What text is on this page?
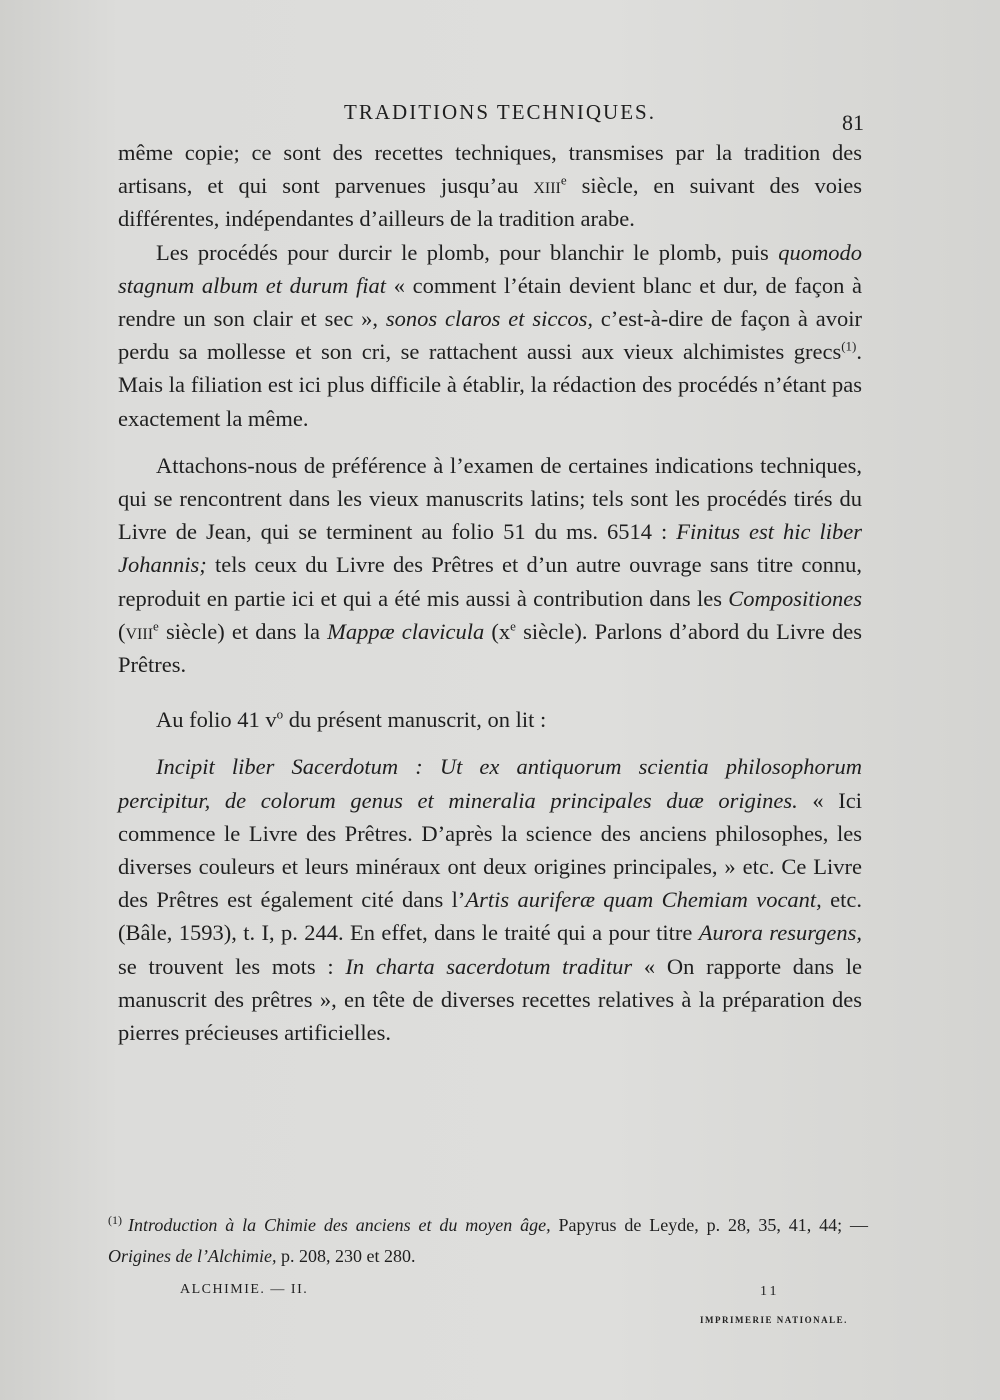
TRADITIONS TECHNIQUES.	81

même copie; ce sont des recettes techniques, transmises par la tradition des artisans, et qui sont parvenues jusqu’au xiii$^e$ siècle, en suivant des voies différentes, indépendantes d’ailleurs de la tradition arabe.

Les procédés pour durcir le plomb, pour blanchir le plomb, puis quomodo stagnum album et durum fiat « comment l’étain devient blanc et dur, de façon à rendre un son clair et sec », sonos claros et siccos, c’est-à-dire de façon à avoir perdu sa mollesse et son cri, se rattachent aussi aux vieux alchimistes grecs$^{(1)}$. Mais la filiation est ici plus difficile à établir, la rédaction des procédés n’étant pas exactement la même.

Attachons-nous de préférence à l’examen de certaines indications techniques, qui se rencontrent dans les vieux manuscrits latins; tels sont les procédés tirés du Livre de Jean, qui se terminent au folio 51 du ms. 6514 : Finitus est hic liber Johannis; tels ceux du Livre des Prêtres et d’un autre ouvrage sans titre connu, reproduit en partie ici et qui a été mis aussi à contribution dans les Compositiones (viii$^e$ siècle) et dans la Mappæ clavicula ($x^e$ siècle). Parlons d’abord du Livre des Prêtres.

Au folio 41 $v^o$ du présent manuscrit, on lit :

Incipit liber Sacerdotum : Ut ex antiquorum scientia philosophorum percipitur, de colorum genus et mineralia principales duæ origines. « Ici commence le Livre des Prêtres. D’après la science des anciens philosophes, les diverses couleurs et leurs minéraux ont deux origines principales, » etc. Ce Livre des Prêtres est également cité dans l’Artis auriferæ quam Chemiam vocant, etc. (Bâle, 1593), t. I, p. 244. En effet, dans le traité qui a pour titre Aurora resurgens, se trouvent les mots : In charta sacerdotum traditur « On rapporte dans le manuscrit des prêtres », en tête de diverses recettes relatives à la préparation des pierres précieuses artificielles.

$^{(1)}$ Introduction à la Chimie des anciens et du moyen âge, Papyrus de Leyde, p. 28, 35, 41, 44; — Origines de l’Alchimie, p. 208, 230 et 280.
ALCHIMIE. — II.	11
IMPRIMERIE NATIONALE.
